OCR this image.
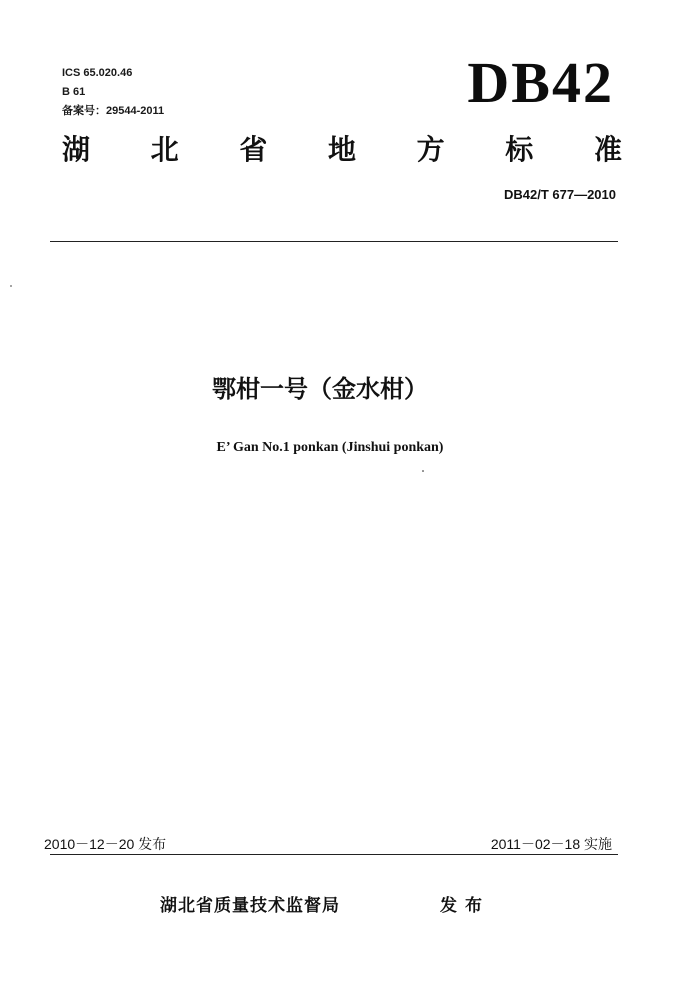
ICS 65.020.46
B 61
备案号：29544-2011	DB42
湖 北 省 地 方 标 准
DB42/T 677—2010
鄂柑一号（金水柑）
E’ Gan No.1 ponkan (Jinshui ponkan)
2010－12－20 发布	2011－02－18 实施
湖北省质量技术监督局	发布
